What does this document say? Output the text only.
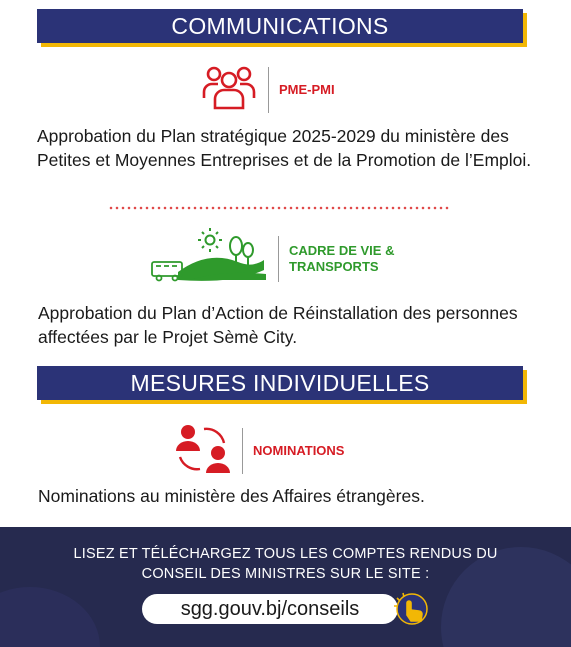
COMMUNICATIONS
PME-PMI
Approbation du Plan stratégique 2025-2029 du ministère des Petites et Moyennes Entreprises et de la Promotion de l’Emploi.
CADRE DE VIE &
TRANSPORTS
Approbation du Plan d’Action de Réinstallation des personnes affectées par le Projet Sèmè City.
MESURES INDIVIDUELLES
NOMINATIONS
Nominations au ministère des Affaires étrangères.
LISEZ ET TÉLÉCHARGEZ TOUS LES COMPTES RENDUS DU
CONSEIL DES MINISTRES SUR LE SITE :
sgg.gouv.bj/conseils
